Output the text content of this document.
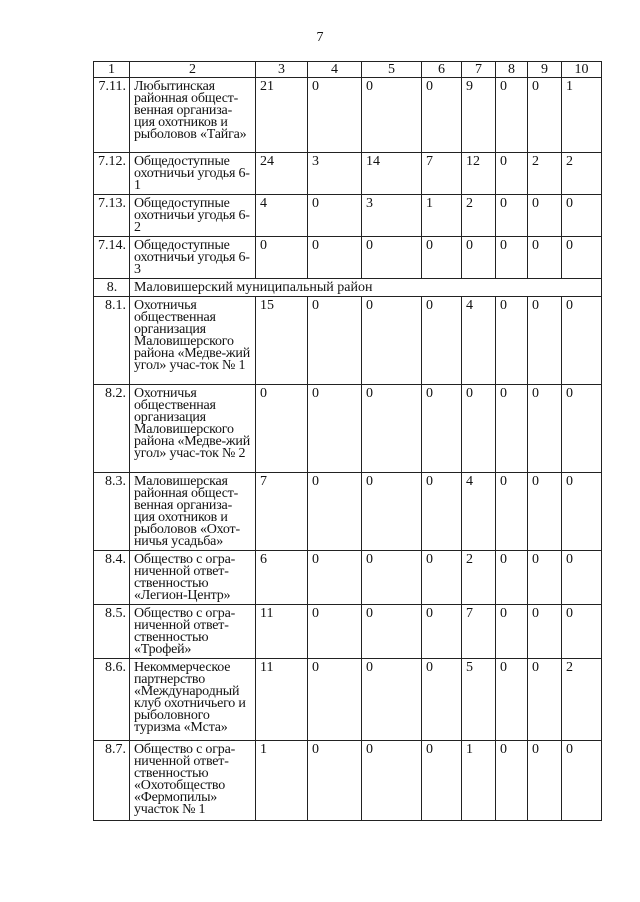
7
1	2	3	4	5	6	7	8	9	10
7.11.	Любытинская районная общест-венная организа-ция охотников и рыболовов «Тайга»	21	0	0	0	9	0	0	1
7.12.	Общедоступные охотничьи угодья 6-1	24	3	14	7	12	0	2	2
7.13.	Общедоступные охотничьи угодья 6-2	4	0	3	1	2	0	0	0
7.14.	Общедоступные охотничьи угодья 6-3	0	0	0	0	0	0	0	0
8.	Маловишерский муниципальный район								
8.1.	Охотничья общественная организация Маловишерского района «Медве-жий угол» учас-ток № 1	15	0	0	0	4	0	0	0
8.2.	Охотничья общественная организация Маловишерского района «Медве-жий угол» учас-ток № 2	0	0	0	0	0	0	0	0
8.3.	Маловишерская районная общест-венная организа-ция охотников и рыболовов «Охот-ничья усадьба»	7	0	0	0	4	0	0	0
8.4.	Общество с огра-ниченной ответ-ственностью «Легион-Центр»	6	0	0	0	2	0	0	0
8.5.	Общество с огра-ниченной ответ-ственностью «Трофей»	11	0	0	0	7	0	0	0
8.6.	Некоммерческое партнерство «Международный клуб охотничьего и рыболовного туризма «Мста»	11	0	0	0	5	0	0	2
8.7.	Общество с огра-ниченной ответ-ственностью «Охотобщество «Фермопилы» участок № 1	1	0	0	0	1	0	0	0
